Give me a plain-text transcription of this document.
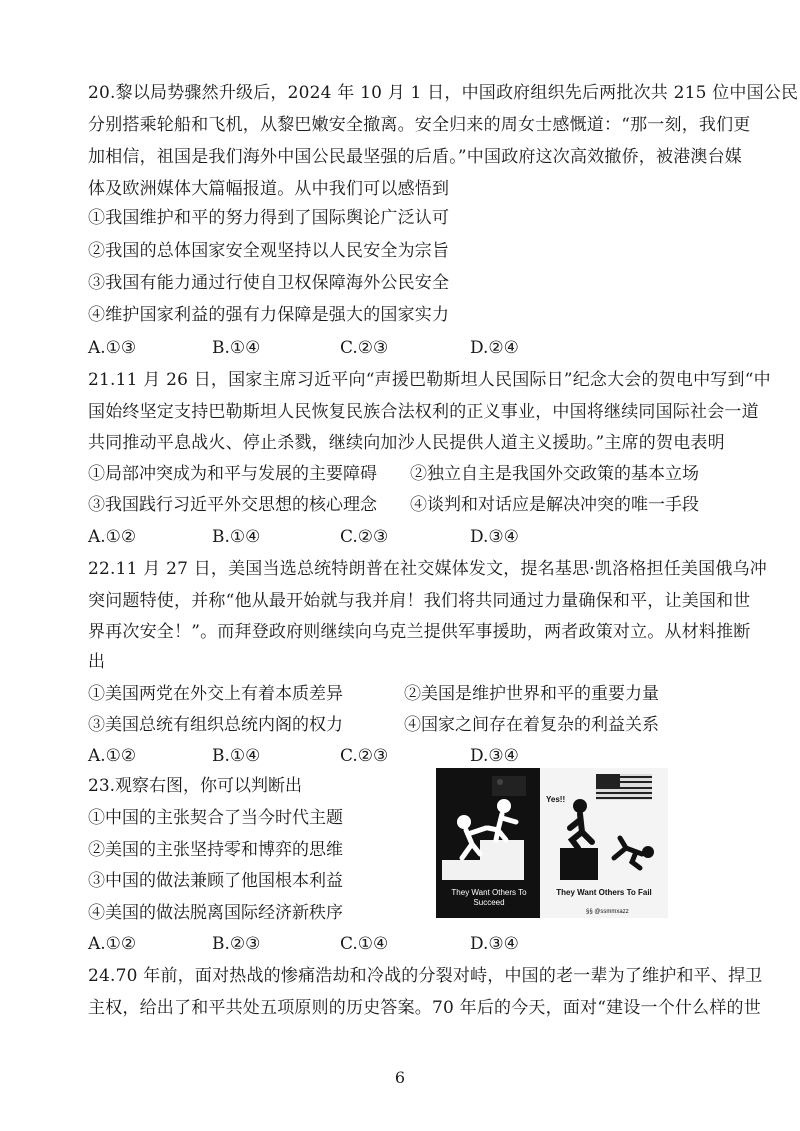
20.黎以局势骤然升级后，2024 年 10 月 1 日，中国政府组织先后两批次共 215 位中国公民
分别搭乘轮船和飞机，从黎巴嫩安全撤离。安全归来的周女士感慨道：“那一刻，我们更
加相信，祖国是我们海外中国公民最坚强的后盾。”中国政府这次高效撤侨，被港澳台媒
体及欧洲媒体大篇幅报道。从中我们可以感悟到
①我国维护和平的努力得到了国际舆论广泛认可
②我国的总体国家安全观坚持以人民安全为宗旨
③我国有能力通过行使自卫权保障海外公民安全
④维护国家利益的强有力保障是强大的国家实力
A.①③	B.①④	C.②③	D.②④
21.11 月 26 日，国家主席习近平向“声援巴勒斯坦人民国际日”纪念大会的贺电中写到“中
国始终坚定支持巴勒斯坦人民恢复民族合法权利的正义事业，中国将继续同国际社会一道
共同推动平息战火、停止杀戮，继续向加沙人民提供人道主义援助。”主席的贺电表明
①局部冲突成为和平与发展的主要障碍 ②独立自主是我国外交政策的基本立场
③我国践行习近平外交思想的核心理念 ④谈判和对话应是解决冲突的唯一手段
A.①②	B.①④	C.②③	D.③④
22.11 月 27 日，美国当选总统特朗普在社交媒体发文，提名基思·凯洛格担任美国俄乌冲
突问题特使，并称“他从最开始就与我并肩！我们将共同通过力量确保和平，让美国和世
界再次安全！”。而拜登政府则继续向乌克兰提供军事援助，两者政策对立。从材料推断
出
①美国两党在外交上有着本质差异	②美国是维护世界和平的重要力量
③美国总统有组织总统内阁的权力	④国家之间存在着复杂的利益关系
A.①②	B.①④	C.②③	D.③④
23.观察右图，你可以判断出
①中国的主张契合了当今时代主题
②美国的主张坚持零和博弈的思维
③中国的做法兼顾了他国根本利益
④美国的做法脱离国际经济新秩序
A.①②	B.②③	C.①④	D.③④
They Want Others To Succeed
They Want Others To Fail
Yes!!
§§ @ssmmxazz
24.70 年前，面对热战的惨痛浩劫和冷战的分裂对峙，中国的老一辈为了维护和平、捍卫
主权，给出了和平共处五项原则的历史答案。70 年后的今天，面对“建设一个什么样的世
6
